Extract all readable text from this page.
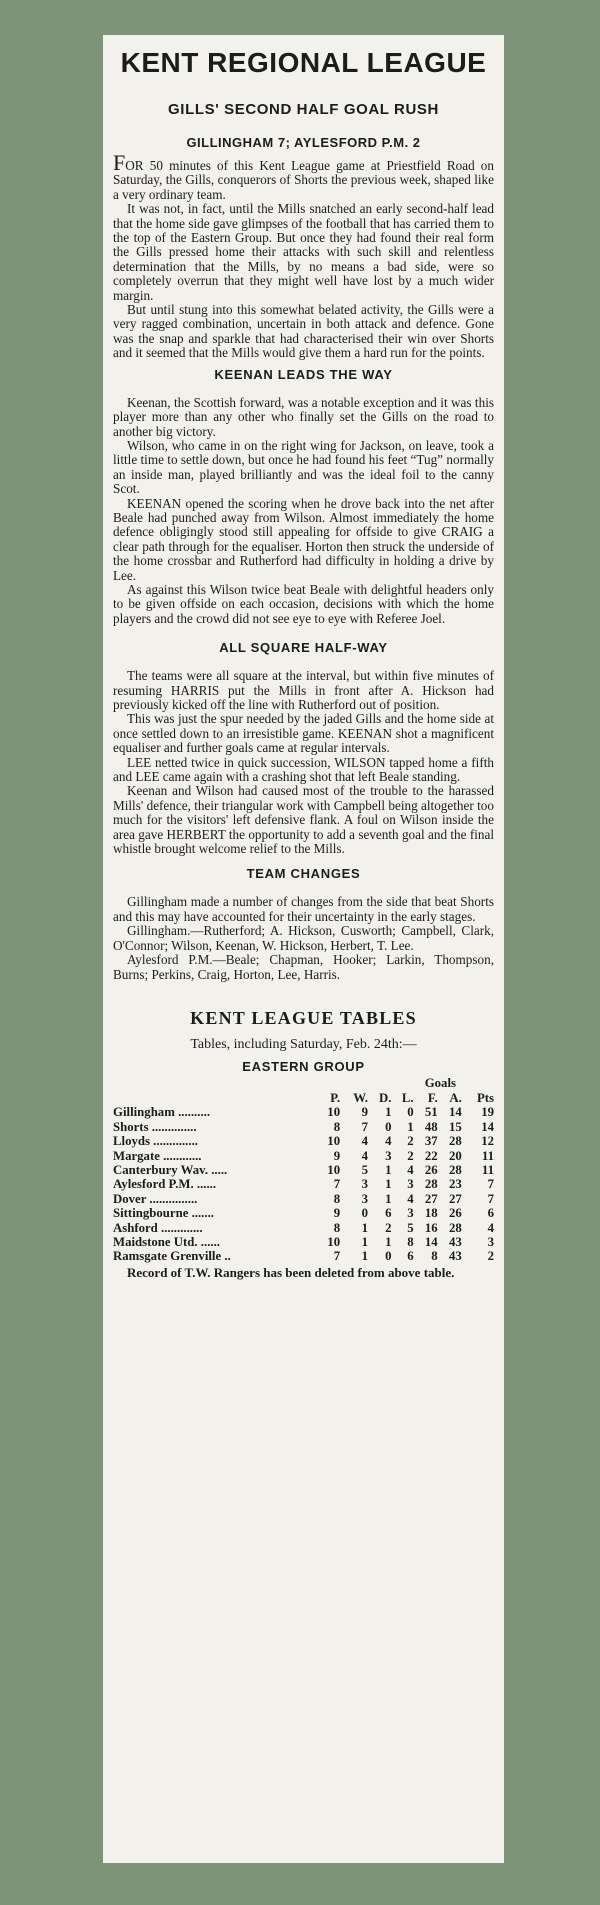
KENT REGIONAL LEAGUE
GILLS' SECOND HALF GOAL RUSH
GILLINGHAM 7; AYLESFORD P.M. 2

FOR 50 minutes of this Kent League game at Priestfield Road on Saturday, the Gills, conquerors of Shorts the previous week, shaped like a very ordinary team.

It was not, in fact, until the Mills snatched an early second-half lead that the home side gave glimpses of the football that has carried them to the top of the Eastern Group. But once they had found their real form the Gills pressed home their attacks with such skill and relentless determination that the Mills, by no means a bad side, were so completely overrun that they might well have lost by a much wider margin.

But until stung into this somewhat belated activity, the Gills were a very ragged combination, uncertain in both attack and defence. Gone was the snap and sparkle that had characterised their win over Shorts and it seemed that the Mills would give them a hard run for the points.

KEENAN LEADS THE WAY

Keenan, the Scottish forward, was a notable exception and it was this player more than any other who finally set the Gills on the road to another big victory.

Wilson, who came in on the right wing for Jackson, on leave, took a little time to settle down, but once he had found his feet “Tug” normally an inside man, played brilliantly and was the ideal foil to the canny Scot.

KEENAN opened the scoring when he drove back into the net after Beale had punched away from Wilson. Almost immediately the home defence obligingly stood still appealing for offside to give CRAIG a clear path through for the equaliser. Horton then struck the underside of the home crossbar and Rutherford had difficulty in holding a drive by Lee.

As against this Wilson twice beat Beale with delightful headers only to be given offside on each occasion, decisions with which the home players and the crowd did not see eye to eye with Referee Joel.

ALL SQUARE HALF-WAY

The teams were all square at the interval, but within five minutes of resuming HARRIS put the Mills in front after A. Hickson had previously kicked off the line with Rutherford out of position.

This was just the spur needed by the jaded Gills and the home side at once settled down to an irresistible game. KEENAN shot a magnificent equaliser and further goals came at regular intervals.

LEE netted twice in quick succession, WILSON tapped home a fifth and LEE came again with a crashing shot that left Beale standing.

Keenan and Wilson had caused most of the trouble to the harassed Mills' defence, their triangular work with Campbell being altogether too much for the visitors' left defensive flank. A foul on Wilson inside the area gave HERBERT the opportunity to add a seventh goal and the final whistle brought welcome relief to the Mills.

TEAM CHANGES

Gillingham made a number of changes from the side that beat Shorts and this may have accounted for their uncertainty in the early stages.

Gillingham.—Rutherford; A. Hickson, Cusworth; Campbell, Clark, O'Connor; Wilson, Keenan, W. Hickson, Herbert, T. Lee.

Aylesford P.M.—Beale; Chapman, Hooker; Larkin, Thompson, Burns; Perkins, Craig, Horton, Lee, Harris.

KENT LEAGUE TABLES
Tables, including Saturday, Feb. 24th:—
EASTERN GROUP
Goals
	P.	W.	D.	L.	F.	A.	Pts
Gillingham ..........	10	9	1	0	51	14	19
Shorts ..............	8	7	0	1	48	15	14
Lloyds ..............	10	4	4	2	37	28	12
Margate ............	9	4	3	2	22	20	11
Canterbury Wav. .....	10	5	1	4	26	28	11
Aylesford P.M. ......	7	3	1	3	28	23	7
Dover ...............	8	3	1	4	27	27	7
Sittingbourne .......	9	0	6	3	18	26	6
Ashford .............	8	1	2	5	16	28	4
Maidstone Utd. ......	10	1	1	8	14	43	3
Ramsgate Grenville ..	7	1	0	6	8	43	2
Record of T.W. Rangers has been deleted from above table.
